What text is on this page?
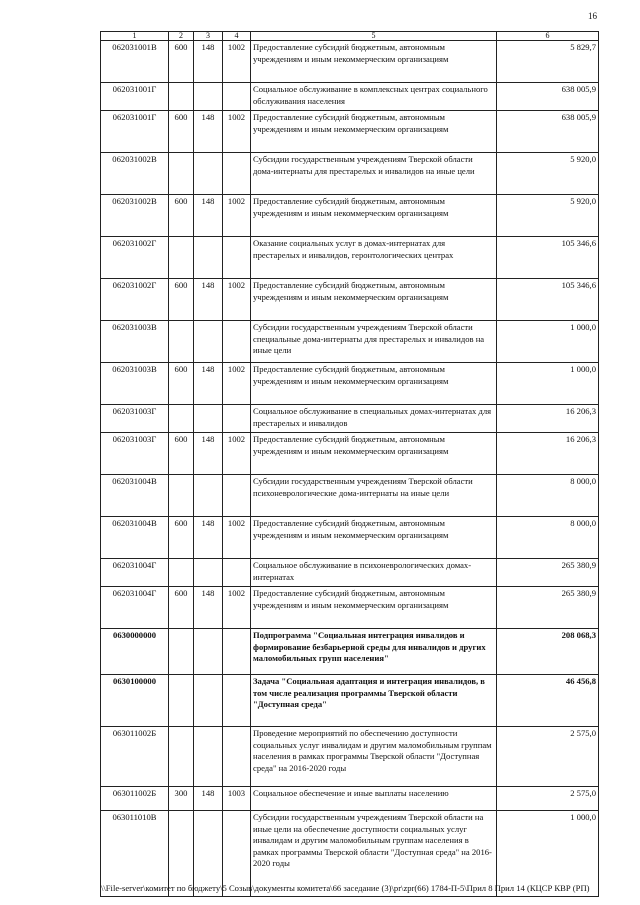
16
1	2	3	4	5	6
062031001В	600	148	1002	Предоставление субсидий бюджетным, автономным учреждениям и иным некоммерческим организациям	5 829,7
062031001Г				Социальное обслуживание в комплексных центрах социального обслуживания населения	638 005,9
062031001Г	600	148	1002	Предоставление субсидий бюджетным, автономным учреждениям и иным некоммерческим организациям	638 005,9
062031002В				Субсидии государственным учреждениям Тверской области дома-интернаты для престарелых и инвалидов на иные цели	5 920,0
062031002В	600	148	1002	Предоставление субсидий бюджетным, автономным учреждениям и иным некоммерческим организациям	5 920,0
062031002Г				Оказание социальных услуг в домах-интернатах для престарелых и инвалидов, геронтологических центрах	105 346,6
062031002Г	600	148	1002	Предоставление субсидий бюджетным, автономным учреждениям и иным некоммерческим организациям	105 346,6
062031003В				Субсидии государственным учреждениям Тверской области специальные дома-интернаты для престарелых и инвалидов на иные цели	1 000,0
062031003В	600	148	1002	Предоставление субсидий бюджетным, автономным учреждениям и иным некоммерческим организациям	1 000,0
062031003Г				Социальное обслуживание в специальных домах-интернатах для престарелых и инвалидов	16 206,3
062031003Г	600	148	1002	Предоставление субсидий бюджетным, автономным учреждениям и иным некоммерческим организациям	16 206,3
062031004В				Субсидии государственным учреждениям Тверской области психоневрологические дома-интернаты на иные цели	8 000,0
062031004В	600	148	1002	Предоставление субсидий бюджетным, автономным учреждениям и иным некоммерческим организациям	8 000,0
062031004Г				Социальное обслуживание в психоневрологических домах-интернатах	265 380,9
062031004Г	600	148	1002	Предоставление субсидий бюджетным, автономным учреждениям и иным некоммерческим организациям	265 380,9
0630000000				Подпрограмма "Социальная интеграция инвалидов и формирование безбарьерной среды для инвалидов и других маломобильных групп населения"	208 068,3
0630100000				Задача "Социальная адаптация и интеграция инвалидов, в том числе реализация программы Тверской области "Доступная среда"	46 456,8
063011002Б				Проведение мероприятий по обеспечению доступности социальных услуг инвалидам и другим маломобильным группам населения в рамках программы Тверской области "Доступная среда" на 2016-2020 годы	2 575,0
063011002Б	300	148	1003	Социальное обеспечение и иные выплаты населению	2 575,0
063011010В				Субсидии государственным учреждениям Тверской области на иные цели на обеспечение доступности социальных услуг инвалидам и другим маломобильным группам населения в рамках программы Тверской области "Доступная среда" на 2016-2020 годы	1 000,0
\\File-server\комитет по бюджету\5 Созыв\документы комитета\66 заседание (3)\pr\zpr(66) 1784-П-5\Прил 8 Прил 14 (КЦСР КВР (РП)
